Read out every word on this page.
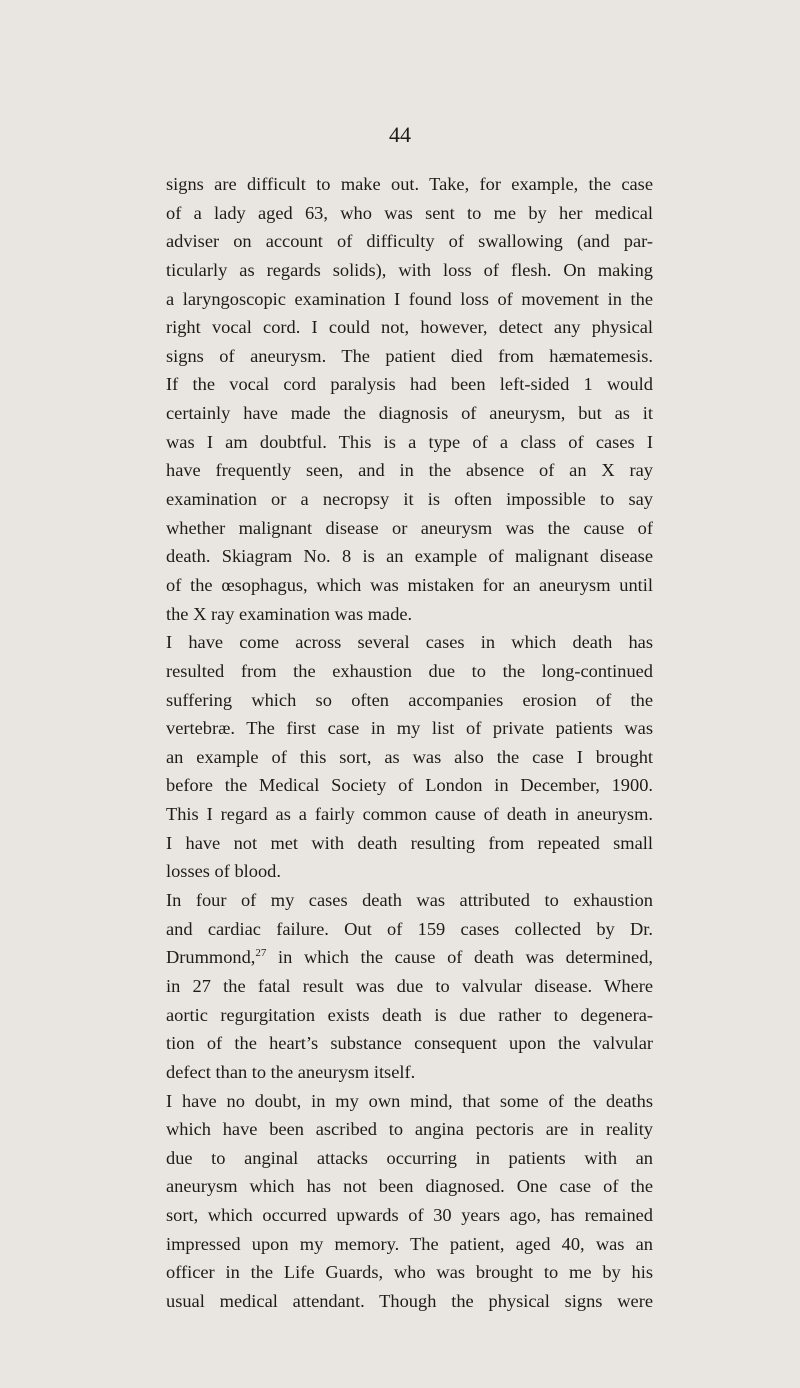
44
signs are difficult to make out. Take, for example, the case
of a lady aged 63, who was sent to me by her medical
adviser on account of difficulty of swallowing (and par-
ticularly as regards solids), with loss of flesh. On making
a laryngoscopic examination I found loss of movement in the
right vocal cord. I could not, however, detect any physical
signs of aneurysm. The patient died from hæmatemesis.
If the vocal cord paralysis had been left-sided 1 would
certainly have made the diagnosis of aneurysm, but as it
was I am doubtful. This is a type of a class of cases I
have frequently seen, and in the absence of an X ray
examination or a necropsy it is often impossible to say
whether malignant disease or aneurysm was the cause of
death. Skiagram No. 8 is an example of malignant disease
of the œsophagus, which was mistaken for an aneurysm until
the X ray examination was made.
I have come across several cases in which death has
resulted from the exhaustion due to the long-continued
suffering which so often accompanies erosion of the
vertebræ. The first case in my list of private patients was
an example of this sort, as was also the case I brought
before the Medical Society of London in December, 1900.
This I regard as a fairly common cause of death in aneurysm.
I have not met with death resulting from repeated small
losses of blood.
In four of my cases death was attributed to exhaustion
and cardiac failure. Out of 159 cases collected by Dr.
Drummond,$^{27}$ in which the cause of death was determined,
in 27 the fatal result was due to valvular disease. Where
aortic regurgitation exists death is due rather to degenera-
tion of the heart’s substance consequent upon the valvular
defect than to the aneurysm itself.
I have no doubt, in my own mind, that some of the deaths
which have been ascribed to angina pectoris are in reality
due to anginal attacks occurring in patients with an
aneurysm which has not been diagnosed. One case of the
sort, which occurred upwards of 30 years ago, has remained
impressed upon my memory. The patient, aged 40, was an
officer in the Life Guards, who was brought to me by his
usual medical attendant. Though the physical signs were
